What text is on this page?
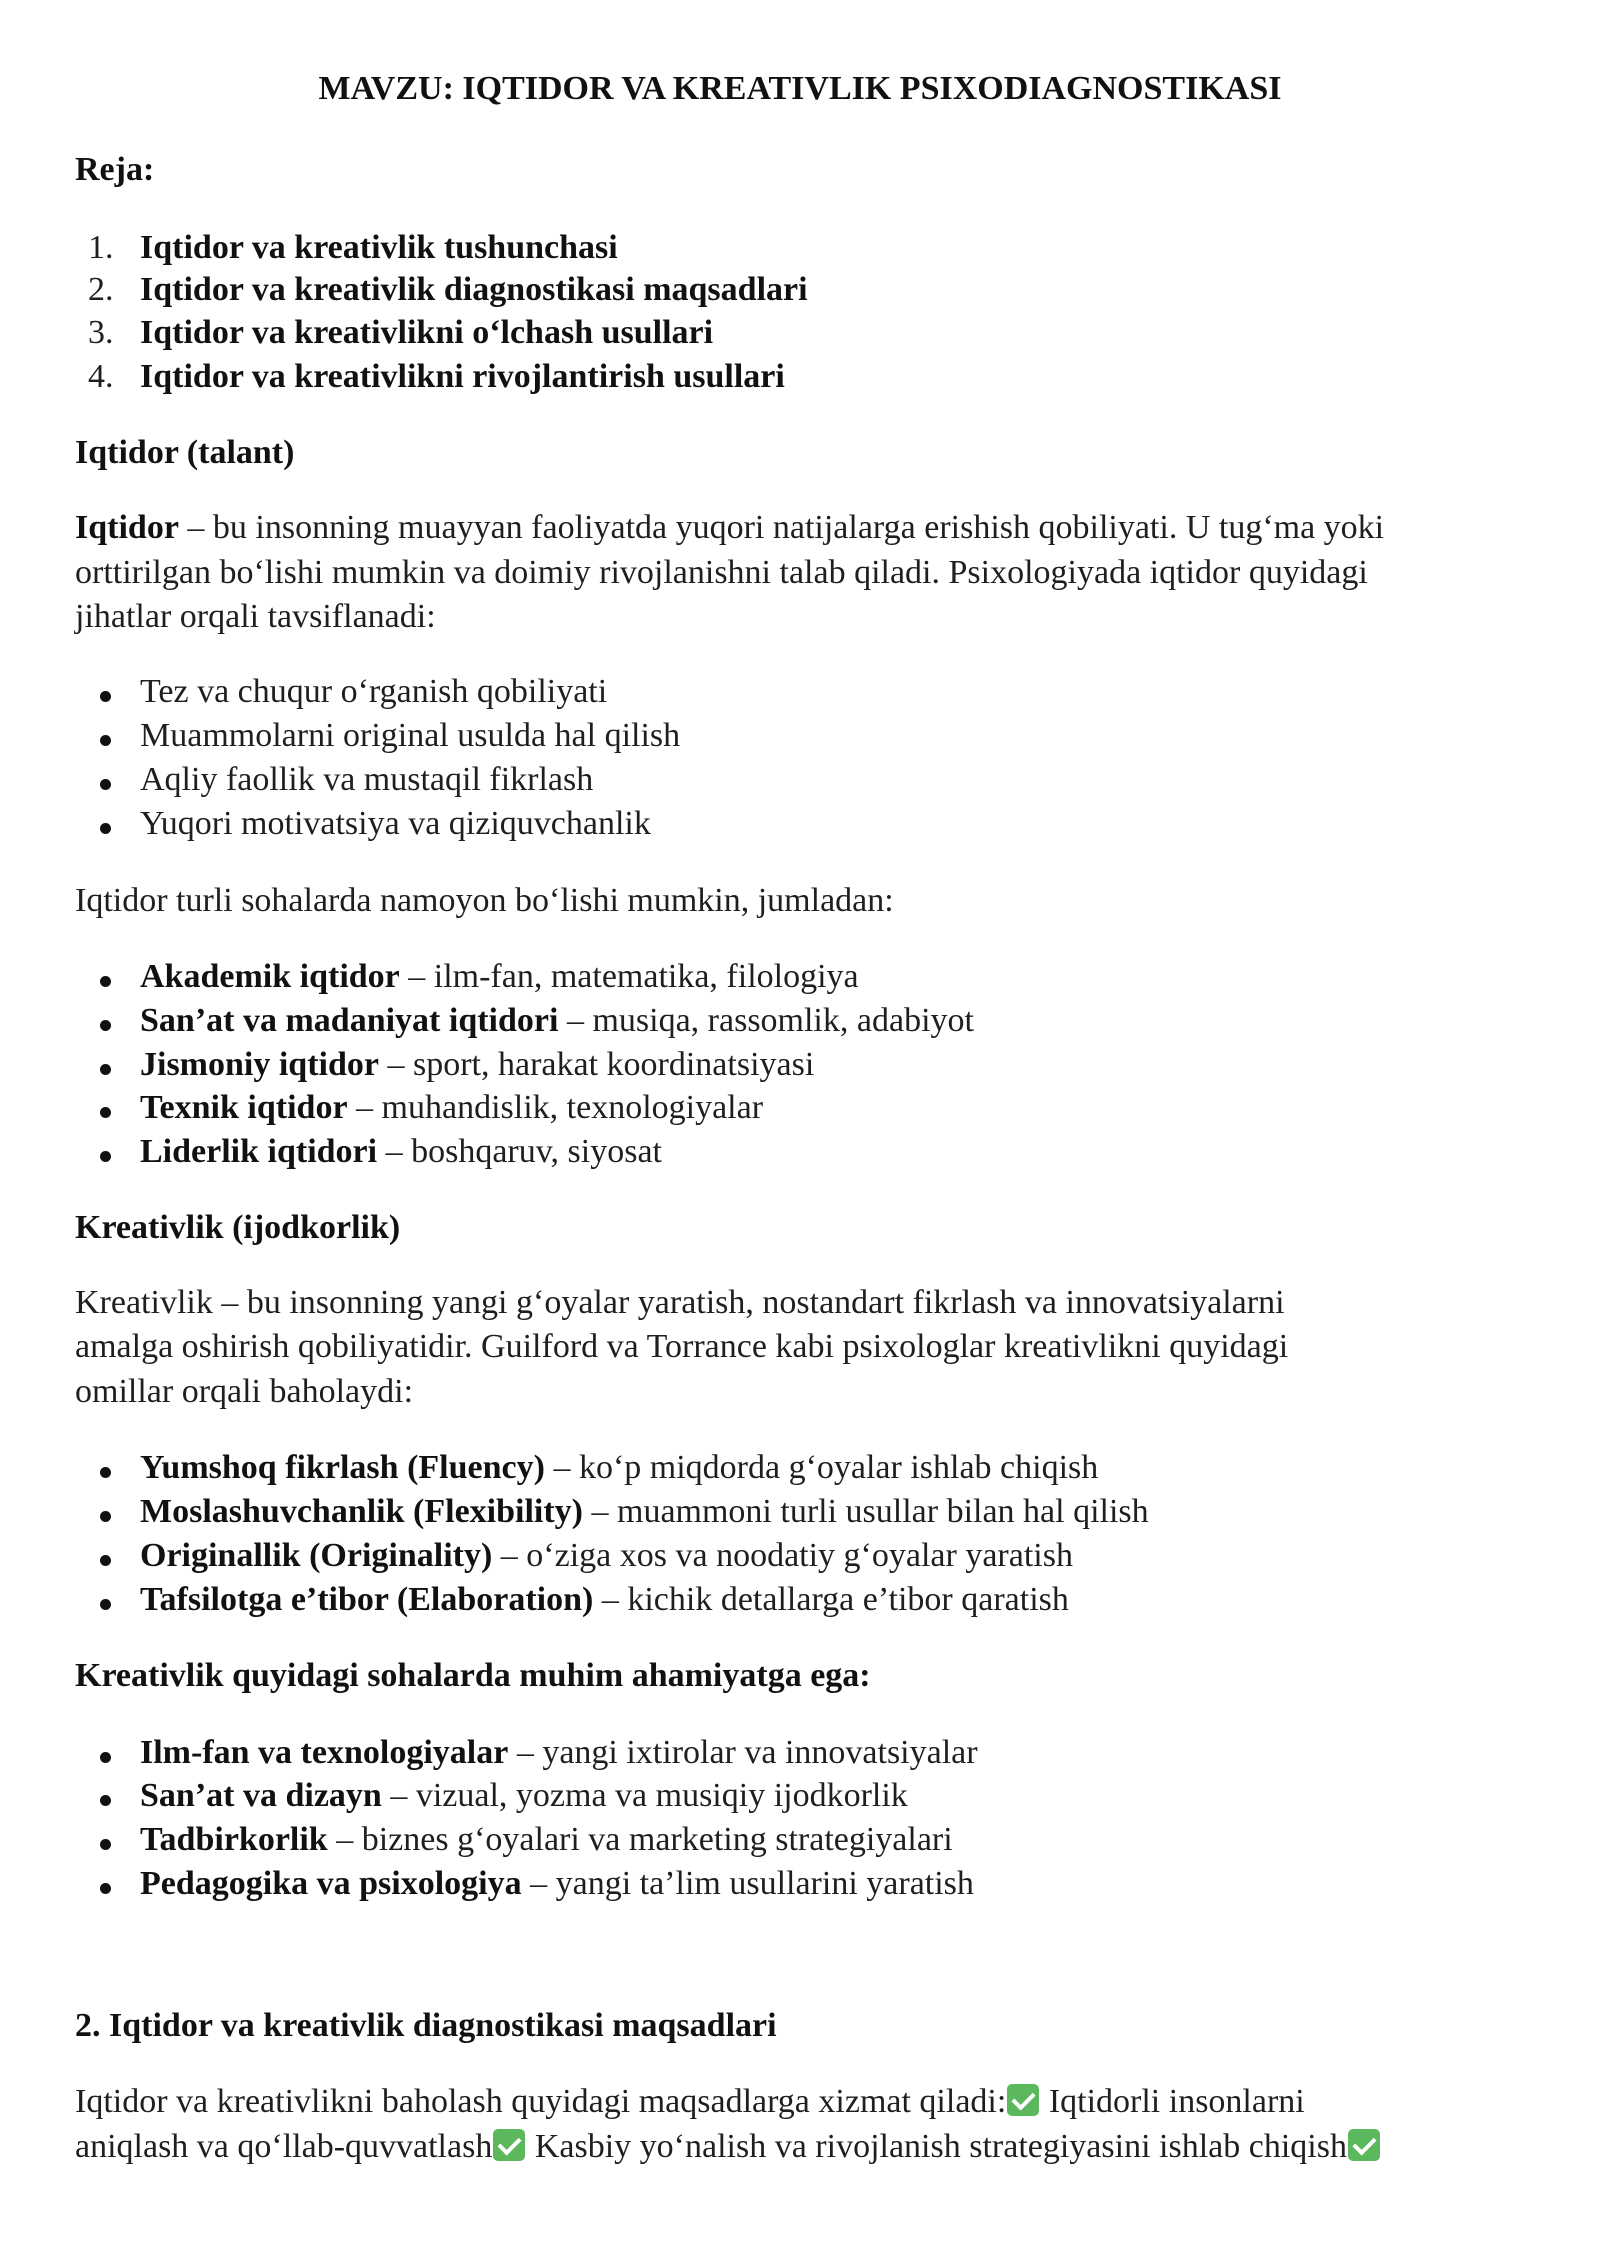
MAVZU: IQTIDOR VA KREATIVLIK PSIXODIAGNOSTIKASI
Reja:
1. Iqtidor va kreativlik tushunchasi
2. Iqtidor va kreativlik diagnostikasi maqsadlari
3. Iqtidor va kreativlikni o‘lchash usullari
4. Iqtidor va kreativlikni rivojlantirish usullari
Iqtidor (talant)
Iqtidor – bu insonning muayyan faoliyatda yuqori natijalarga erishish qobiliyati. U tug‘ma yoki
orttirilgan bo‘lishi mumkin va doimiy rivojlanishni talab qiladi. Psixologiyada iqtidor quyidagi
jihatlar orqali tavsiflanadi:
Tez va chuqur o‘rganish qobiliyati
Muammolarni original usulda hal qilish
Aqliy faollik va mustaqil fikrlash
Yuqori motivatsiya va qiziquvchanlik
Iqtidor turli sohalarda namoyon bo‘lishi mumkin, jumladan:
Akademik iqtidor – ilm-fan, matematika, filologiya
San’at va madaniyat iqtidori – musiqa, rassomlik, adabiyot
Jismoniy iqtidor – sport, harakat koordinatsiyasi
Texnik iqtidor – muhandislik, texnologiyalar
Liderlik iqtidori – boshqaruv, siyosat
Kreativlik (ijodkorlik)
Kreativlik – bu insonning yangi g‘oyalar yaratish, nostandart fikrlash va innovatsiyalarni
amalga oshirish qobiliyatidir. Guilford va Torrance kabi psixologlar kreativlikni quyidagi
omillar orqali baholaydi:
Yumshoq fikrlash (Fluency) – ko‘p miqdorda g‘oyalar ishlab chiqish
Moslashuvchanlik (Flexibility) – muammoni turli usullar bilan hal qilish
Originallik (Originality) – o‘ziga xos va noodatiy g‘oyalar yaratish
Tafsilotga e’tibor (Elaboration) – kichik detallarga e’tibor qaratish
Kreativlik quyidagi sohalarda muhim ahamiyatga ega:
Ilm-fan va texnologiyalar – yangi ixtirolar va innovatsiyalar
San’at va dizayn – vizual, yozma va musiqiy ijodkorlik
Tadbirkorlik – biznes g‘oyalari va marketing strategiyalari
Pedagogika va psixologiya – yangi ta’lim usullarini yaratish
2. Iqtidor va kreativlik diagnostikasi maqsadlari
Iqtidor va kreativlikni baholash quyidagi maqsadlarga xizmat qiladi: Iqtidorli insonlarni
aniqlash va qo‘llab-quvvatlash Kasbiy yo‘nalish va rivojlanish strategiyasini ishlab chiqish
